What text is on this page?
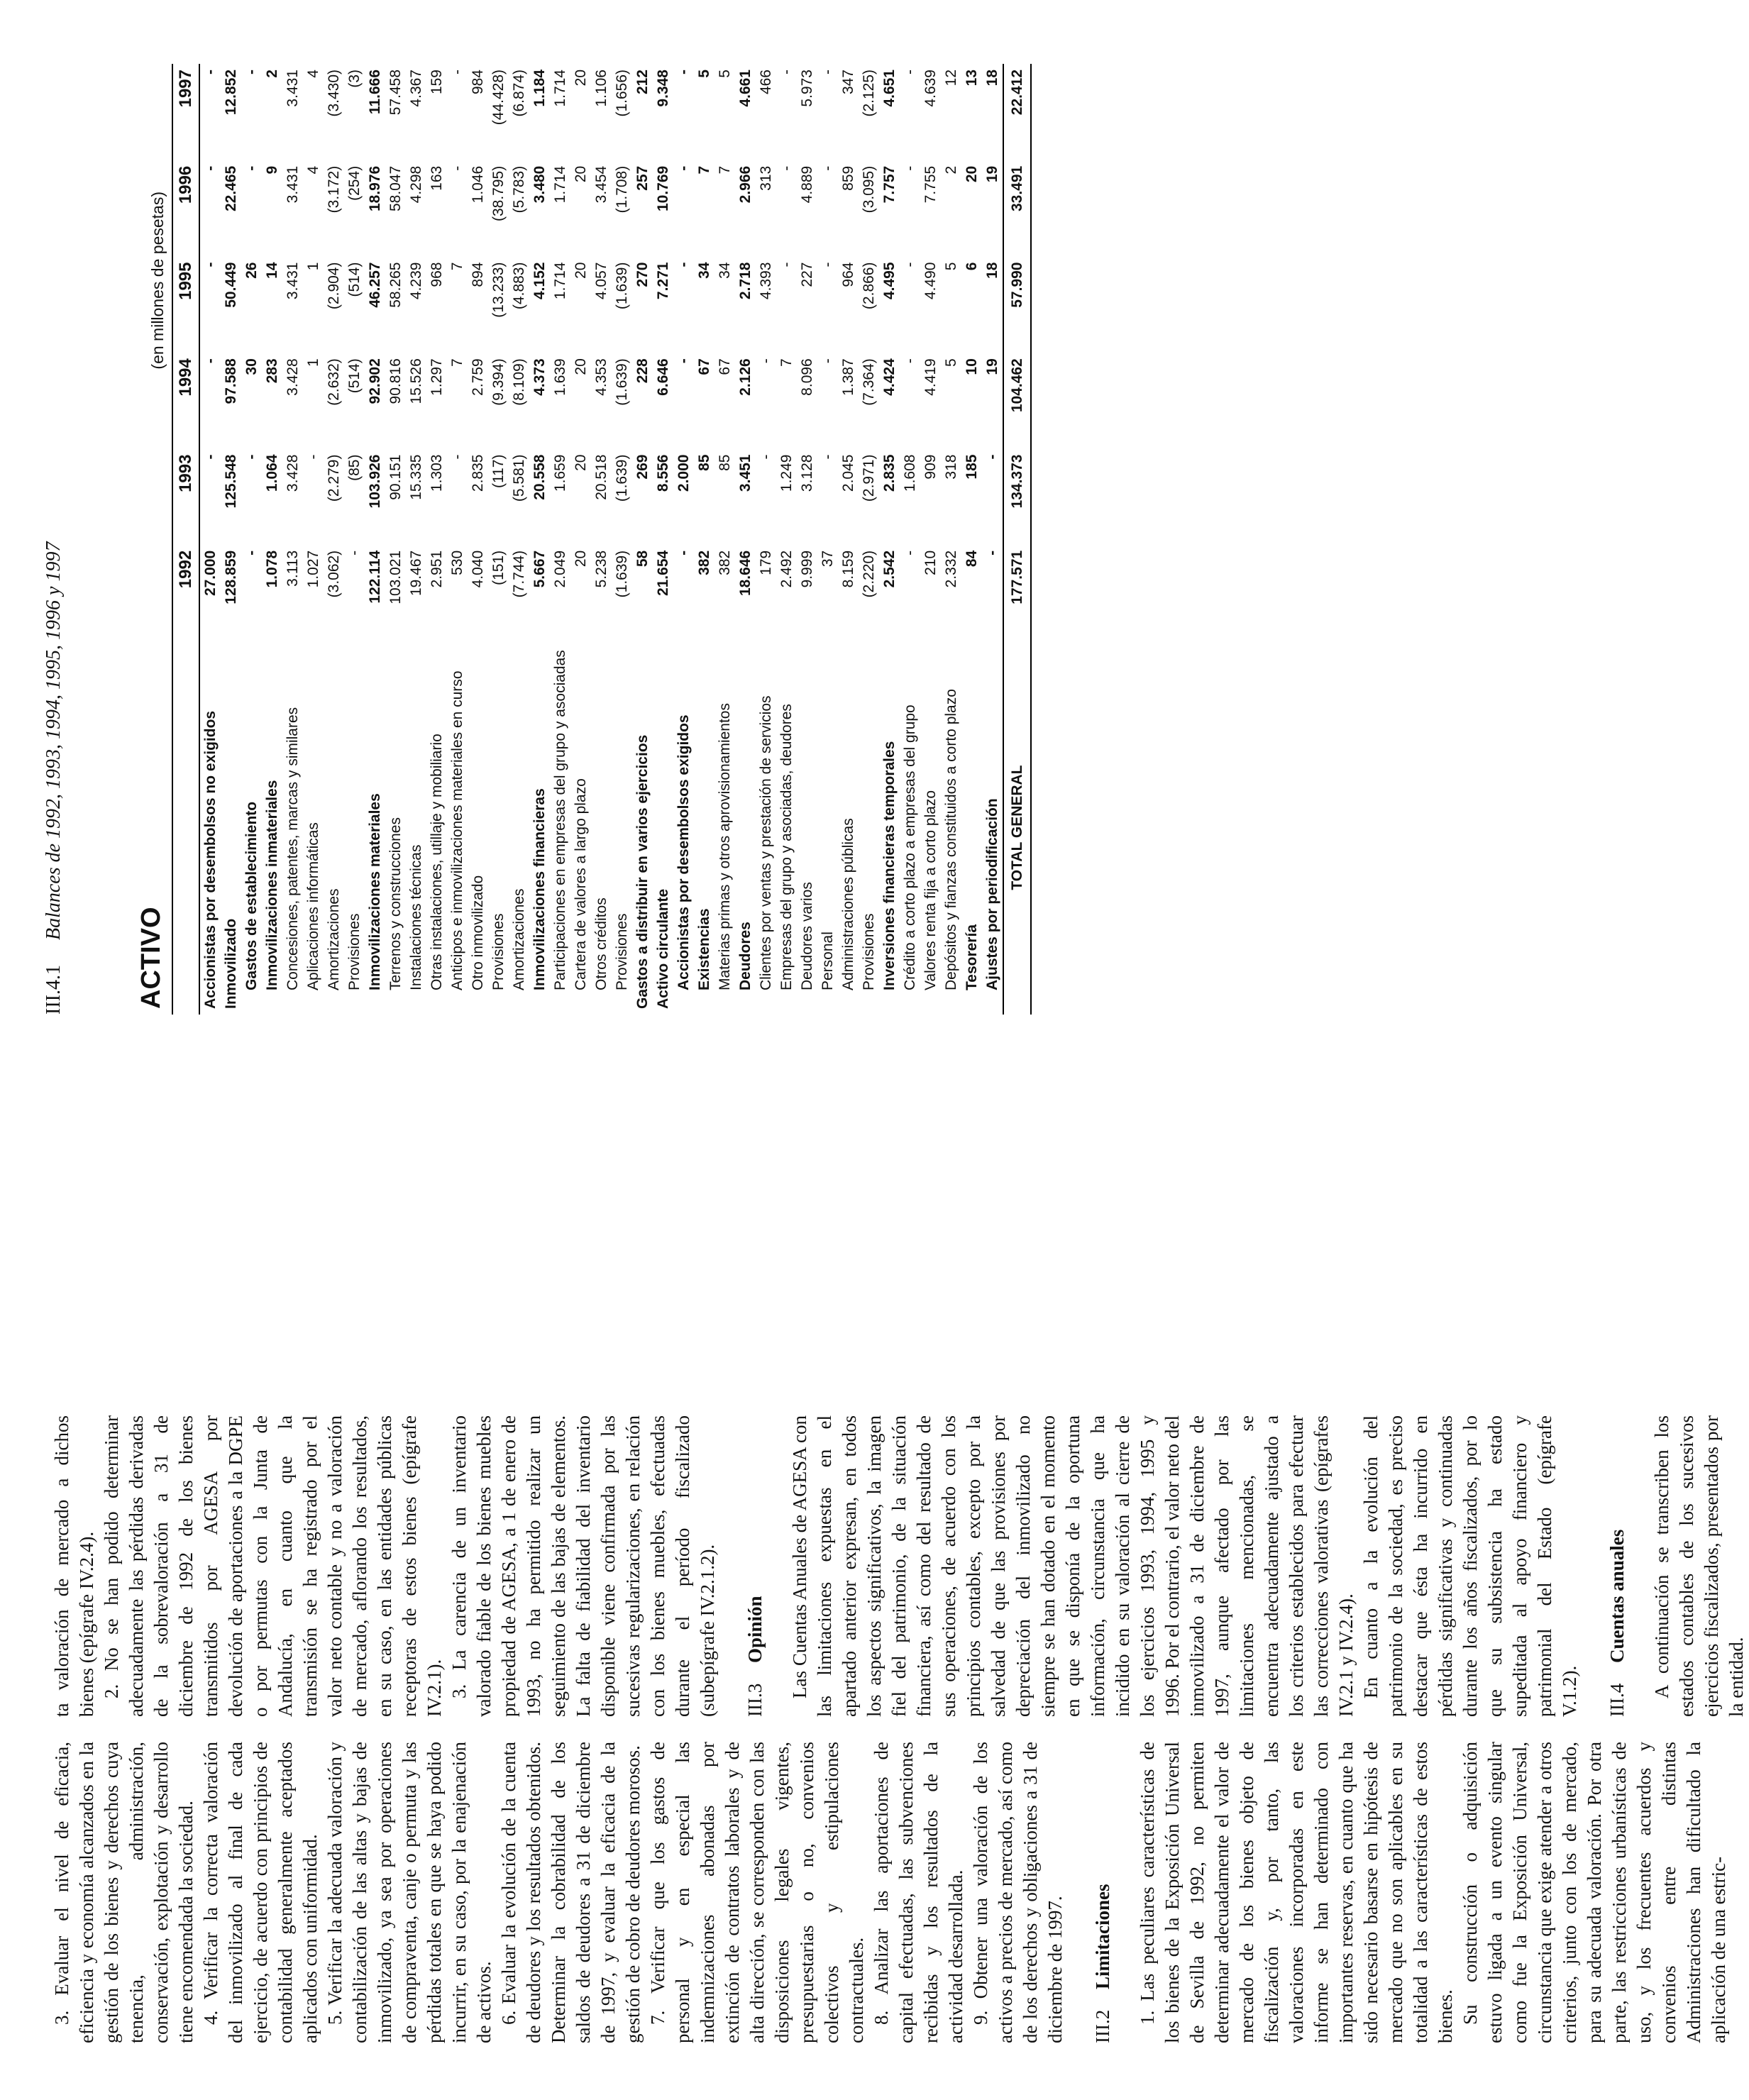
3. Evaluar el nivel de eficacia, eficiencia y economía alcanzados en la gestión de los bienes y derechos cuya tenencia, administración, conservación, explotación y desarrollo tiene encomendada la sociedad. 4. Verificar la correcta valoración del inmovilizado al final de cada ejercicio, de acuerdo con principios de contabilidad generalmente aceptados aplicados con uniformidad. 5. Verificar la adecuada valoración y contabilización de las altas y bajas de inmovilizado, ya sea por operaciones de compraventa, canje o permuta y las pérdidas totales en que se haya podido incurrir, en su caso, por la enajenación de activos. 6. Evaluar la evolución de la cuenta de deudores y los resultados obtenidos. Determinar la cobrabilidad de los saldos de deudores a 31 de diciembre de 1997, y evaluar la eficacia de la gestión de cobro de deudores morosos. 7. Verificar que los gastos de personal y en especial las indemnizaciones abonadas por extinción de contratos laborales y de alta dirección, se corresponden con las disposiciones legales vigentes, presupuestarias o no, convenios colectivos y estipulaciones contractuales. 8. Analizar las aportaciones de capital efectuadas, las subvenciones recibidas y los resultados de la actividad desarrollada. 9. Obtener una valoración de los activos a precios de mercado, así como de los derechos y obligaciones a 31 de diciembre de 1997. III.2 Limitaciones 1. Las peculiares características de los bienes de la Exposición Universal de Sevilla de 1992, no permiten determinar adecuadamente el valor de mercado de los bienes objeto de fiscalización y, por tanto, las valoraciones incorporadas en este informe se han determinado con importantes reservas, en cuanto que ha sido necesario basarse en hipótesis de mercado que no son aplicables en su totalidad a las características de estos bienes. Su construcción o adquisición estuvo ligada a un evento singular como fue la Exposición Universal, circunstancia que exige atender a otros criterios, junto con los de mercado, para su adecuada valoración. Por otra parte, las restricciones urbanísticas de uso, y los frecuentes acuerdos y convenios entre distintas Administraciones han dificultado la aplicación de una estric-

ta valoración de mercado a dichos bienes (epígrafe IV.2.4). 2. No se han podido determinar adecuadamente las pérdidas derivadas de la sobrevaloración a 31 de diciembre de 1992 de los bienes transmitidos por AGESA por devolución de aportaciones a la DGPE o por permutas con la Junta de Andalucía, en cuanto que la transmisión se ha registrado por el valor neto contable y no a valoración de mercado, aflorando los resultados, en su caso, en las entidades públicas receptoras de estos bienes (epígrafe IV.2.1). 3. La carencia de un inventario valorado fiable de los bienes muebles propiedad de AGESA, a 1 de enero de 1993, no ha permitido realizar un seguimiento de las bajas de elementos. La falta de fiabilidad del inventario disponible viene confirmada por las sucesivas regularizaciones, en relación con los bienes muebles, efectuadas durante el período fiscalizado (subepígrafe IV.2.1.2). III.3 Opinión Las Cuentas Anuales de AGESA con las limitaciones expuestas en el apartado anterior expresan, en todos los aspectos significativos, la imagen fiel del patrimonio, de la situación financiera, así como del resultado de sus operaciones, de acuerdo con los principios contables, excepto por la salvedad de que las provisiones por depreciación del inmovilizado no siempre se han dotado en el momento en que se disponía de la oportuna información, circunstancia que ha incidido en su valoración al cierre de los ejercicios 1993, 1994, 1995 y 1996. Por el contrario, el valor neto del inmovilizado a 31 de diciembre de 1997, aunque afectado por las limitaciones mencionadas, se encuentra adecuadamente ajustado a los criterios establecidos para efectuar las correcciones valorativas (epígrafes IV.2.1 y IV.2.4). En cuanto a la evolución del patrimonio de la sociedad, es preciso destacar que ésta ha incurrido en pérdidas significativas y continuadas durante los años fiscalizados, por lo que su subsistencia ha estado supeditada al apoyo financiero y patrimonial del Estado (epígrafe V.1.2). III.4 Cuentas anuales A continuación se transcriben los estados contables de los sucesivos ejercicios fiscalizados, presentados por la entidad.

III.4.1 Balances de 1992, 1993, 1994, 1995, 1996 y 1997
ACTIVO
(en millones de pesetas)
	1992	1993	1994	1995	1996	1997
Accionistas por desembolsos no exigidos	27.000	-	-	-	-	-
Inmovilizado	128.859	125.548	97.588	50.449	22.465	12.852
Gastos de establecimiento	-	-	30	26	-	-
Inmovilizaciones inmateriales	1.078	1.064	283	14	9	2
Concesiones, patentes, marcas y similares	3.113	3.428	3.428	3.431	3.431	3.431
Aplicaciones informáticas	1.027	-	1	1	4	4
Amortizaciones	(3.062)	(2.279)	(2.632)	(2.904)	(3.172)	(3.430)
Provisiones	-	(85)	(514)	(514)	(254)	(3)
Inmovilizaciones materiales	122.114	103.926	92.902	46.257	18.976	11.666
Terrenos y construcciones	103.021	90.151	90.816	58.265	58.047	57.458
Instalaciones técnicas	19.467	15.335	15.526	4.239	4.298	4.367
Otras instalaciones, utillaje y mobiliario	2.951	1.303	1.297	968	163	159
Anticipos e inmovilizaciones materiales en curso	530	-	7	7	-	-
Otro inmovilizado	4.040	2.835	2.759	894	1.046	984
Provisiones	(151)	(117)	(9.394)	(13.233)	(38.795)	(44.428)
Amortizaciones	(7.744)	(5.581)	(8.109)	(4.883)	(5.783)	(6.874)
Inmovilizaciones financieras	5.667	20.558	4.373	4.152	3.480	1.184
Participaciones en empresas del grupo y asociadas	2.049	1.659	1.639	1.714	1.714	1.714
Cartera de valores a largo plazo	20	20	20	20	20	20
Otros créditos	5.238	20.518	4.353	4.057	3.454	1.106
Provisiones	(1.639)	(1.639)	(1.639)	(1.639)	(1.708)	(1.656)
Gastos a distribuir en varios ejercicios	58	269	228	270	257	212
Activo circulante	21.654	8.556	6.646	7.271	10.769	9.348
Accionistas por desembolsos exigidos	-	2.000	-	-	-	-
Existencias	382	85	67	34	7	5
Materias primas y otros aprovisionamientos	382	85	67	34	7	5
Deudores	18.646	3.451	2.126	2.718	2.966	4.661
Clientes por ventas y prestación de servicios	179	-	-	4.393	313	466
Empresas del grupo y asociadas, deudores	2.492	1.249	7	-	-	-
Deudores varios	9.999	3.128	8.096	227	4.889	5.973
Personal	37	-	-	-	-	-
Administraciones públicas	8.159	2.045	1.387	964	859	347
Provisiones	(2.220)	(2.971)	(7.364)	(2.866)	(3.095)	(2.125)
Inversiones financieras temporales	2.542	2.835	4.424	4.495	7.757	4.651
Crédito a corto plazo a empresas del grupo	-	1.608	-	-	-	-
Valores renta fija a corto plazo	210	909	4.419	4.490	7.755	4.639
Depósitos y fianzas constituidos a corto plazo	2.332	318	5	5	2	12
Tesorería	84	185	10	6	20	13
Ajustes por periodificación	-	-	19	18	19	18
TOTAL GENERAL	177.571	134.373	104.462	57.990	33.491	22.412
